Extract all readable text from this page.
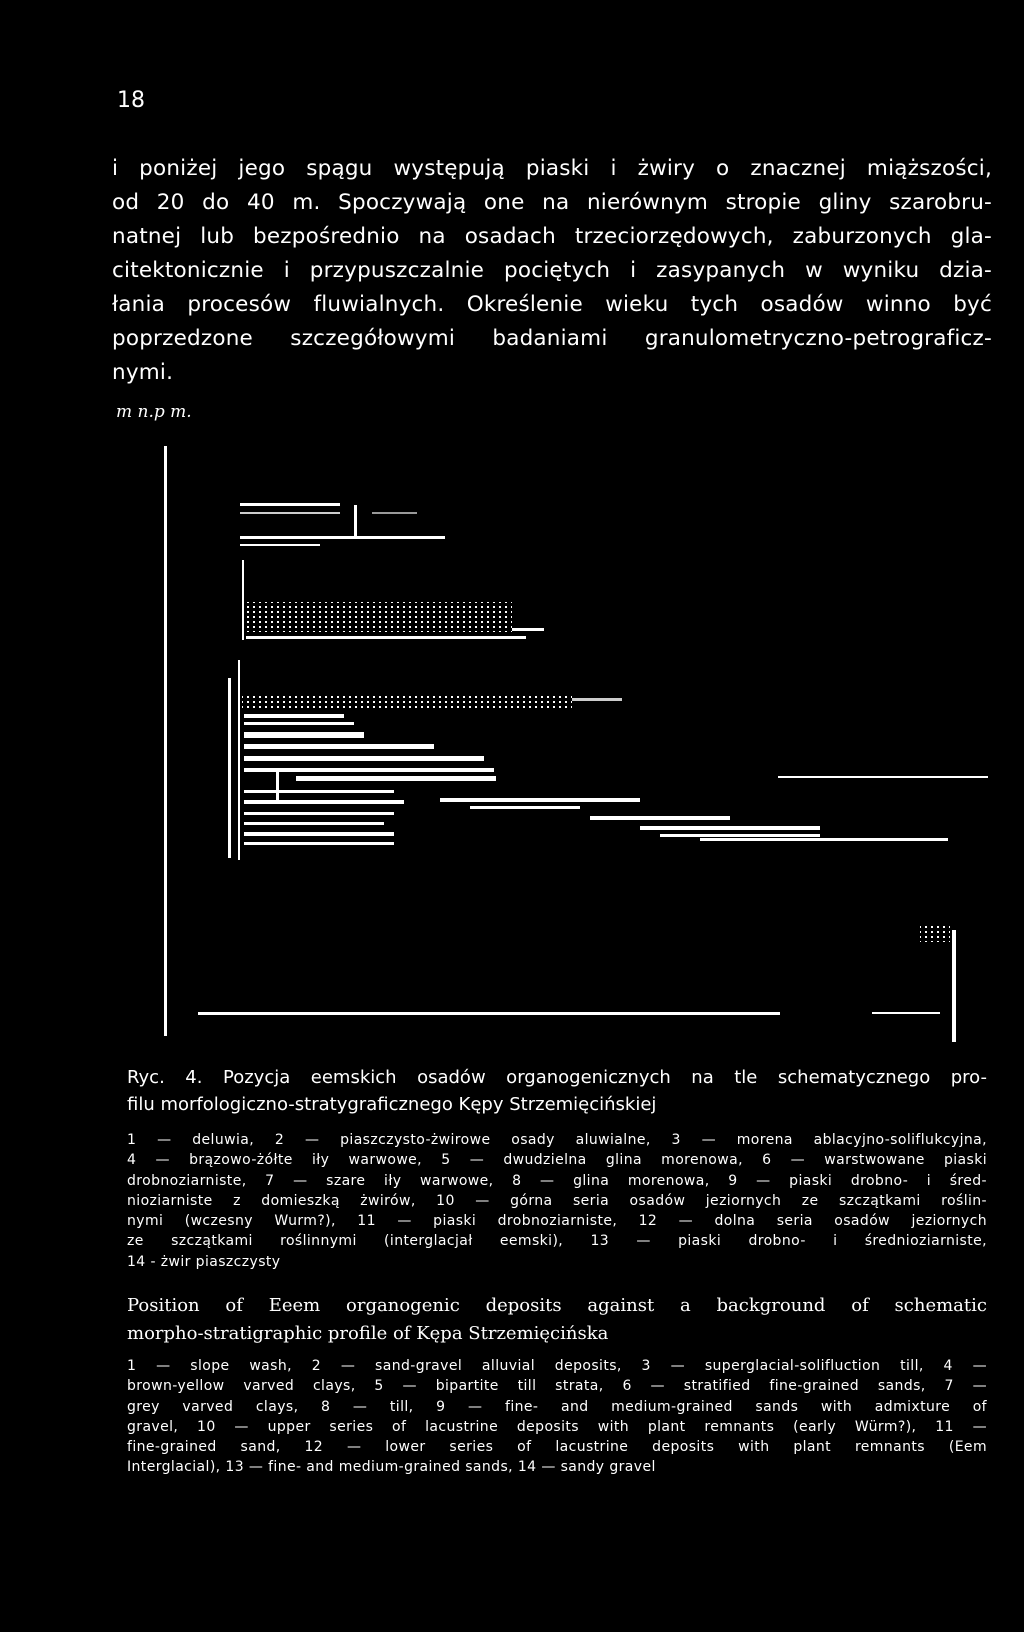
18
i poniżej jego spągu występują piaski i żwiry o znacznej miąższości,
od 20 do 40 m. Spoczywają one na nierównym stropie gliny szarobru-
natnej lub bezpośrednio na osadach trzeciorzędowych, zaburzonych gla-
citektonicznie i przypuszczalnie pociętych i zasypanych w wyniku dzia-
łania procesów fluwialnych. Określenie wieku tych osadów winno być
poprzedzone szczegółowymi badaniami granulometryczno-petrograficz-
nymi.
m n.p m.
Ryc. 4. Pozycja eemskich osadów organogenicznych na tle schematycznego pro-
filu morfologiczno-stratygraficznego Kępy Strzemięcińskiej
1 — deluwia, 2 — piaszczysto-żwirowe osady aluwialne, 3 — morena ablacyjno-soliflukcyjna,
4 — brązowo-żółte iły warwowe, 5 — dwudzielna glina morenowa, 6 — warstwowane piaski
drobnoziarniste, 7 — szare iły warwowe, 8 — glina morenowa, 9 — piaski drobno- i śred-
nioziarniste z domieszką żwirów, 10 — górna seria osadów jeziornych ze szczątkami roślin-
nymi (wczesny Wurm?), 11 — piaski drobnoziarniste, 12 — dolna seria osadów jeziornych
ze szczątkami roślinnymi (interglacjał eemski), 13 — piaski drobno- i średnioziarniste,
14 - żwir piaszczysty
Position of Eeem organogenic deposits against a background of schematic
morpho-stratigraphic profile of Kępa Strzemięcińska
1 — slope wash, 2 — sand-gravel alluvial deposits, 3 — superglacial-solifluction till, 4 —
brown-yellow varved clays, 5 — bipartite till strata, 6 — stratified fine-grained sands, 7 —
grey varved clays, 8 — till, 9 — fine- and medium-grained sands with admixture of
gravel, 10 — upper series of lacustrine deposits with plant remnants (early Würm?), 11 —
fine-grained sand, 12 — lower series of lacustrine deposits with plant remnants (Eem
Interglacial), 13 — fine- and medium-grained sands, 14 — sandy gravel
